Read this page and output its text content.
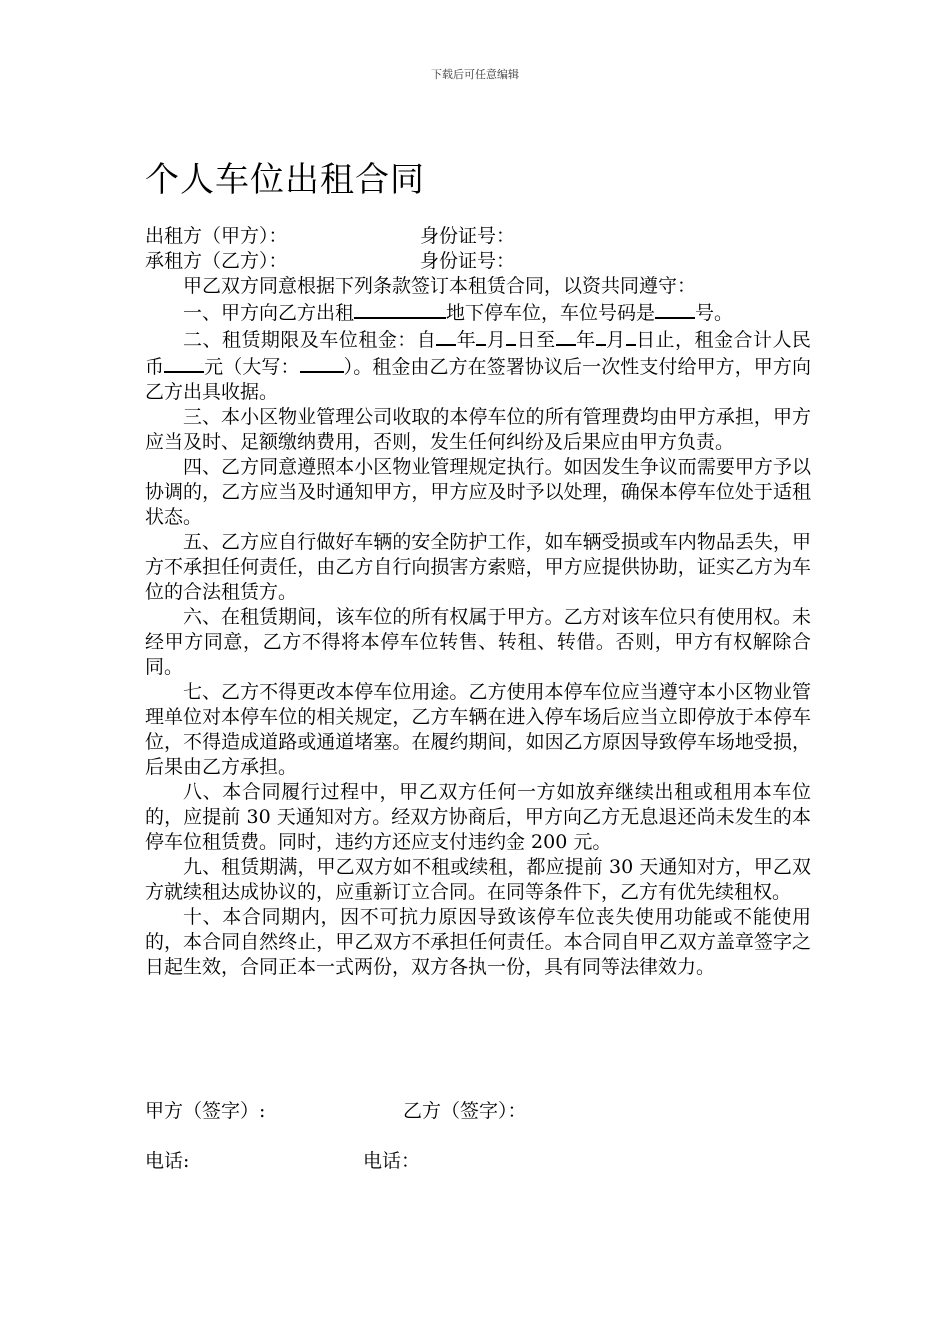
下载后可任意编辑
个人车位出租合同
出租方（甲方）：	身份证号：
承租方（乙方）：	身份证号：

甲乙双方同意根据下列条款签订本租赁合同，以资共同遵守：

一、甲方向乙方出租	地下停车位，车位号码是 号。

二、租赁期限及车位租金：自 年 月 日至 年 月 日止，租金合计人民币 元（大写： ）。租金由乙方在签署协议后一次性支付给甲方，甲方向乙方出具收据。

三、本小区物业管理公司收取的本停车位的所有管理费均由甲方承担，甲方应当及时、足额缴纳费用，否则，发生任何纠纷及后果应由甲方负责。

四、乙方同意遵照本小区物业管理规定执行。如因发生争议而需要甲方予以协调的，乙方应当及时通知甲方，甲方应及时予以处理，确保本停车位处于适租状态。

五、乙方应自行做好车辆的安全防护工作，如车辆受损或车内物品丢失，甲方不承担任何责任，由乙方自行向损害方索赔，甲方应提供协助，证实乙方为车位的合法租赁方。

六、在租赁期间，该车位的所有权属于甲方。乙方对该车位只有使用权。未经甲方同意，乙方不得将本停车位转售、转租、转借。否则，甲方有权解除合同。

七、乙方不得更改本停车位用途。乙方使用本停车位应当遵守本小区物业管理单位对本停车位的相关规定，乙方车辆在进入停车场后应当立即停放于本停车位，不得造成道路或通道堵塞。在履约期间，如因乙方原因导致停车场地受损，后果由乙方承担。

八、本合同履行过程中，甲乙双方任何一方如放弃继续出租或租用本车位的，应提前 30 天通知对方。经双方协商后，甲方向乙方无息退还尚未发生的本停车位租赁费。同时，违约方还应支付违约金 200 元。

九、租赁期满，甲乙双方如不租或续租，都应提前 30 天通知对方，甲乙双方就续租达成协议的，应重新订立合同。在同等条件下，乙方有优先续租权。

十、本合同期内，因不可抗力原因导致该停车位丧失使用功能或不能使用的，本合同自然终止，甲乙双方不承担任何责任。本合同自甲乙双方盖章签字之日起生效，合同正本一式两份，双方各执一份，具有同等法律效力。

甲方（签字）:	乙方（签字）：
电话:	电话：
